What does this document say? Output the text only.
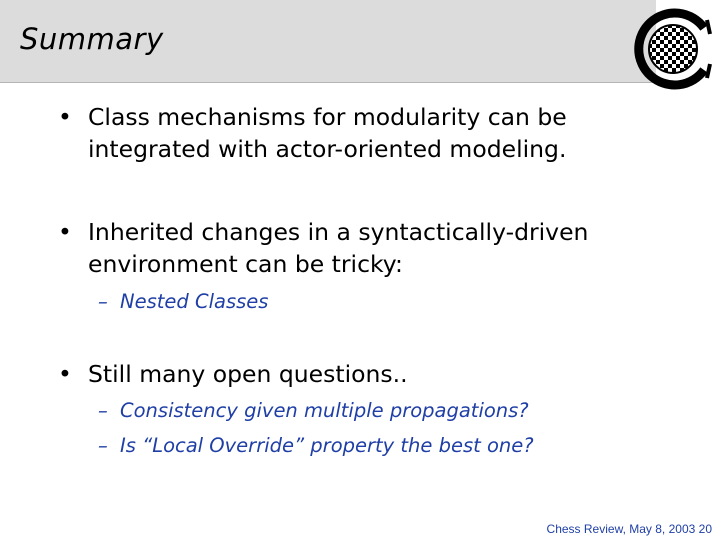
Summary
• Class mechanisms for modularity can be
integrated with actor-oriented modeling.
• Inherited changes in a syntactically-driven
environment can be tricky:
– Nested Classes
• Still many open questions..
– Consistency given multiple propagations?
– Is “Local Override” property the best one?
Chess Review, May 8, 2003 20
